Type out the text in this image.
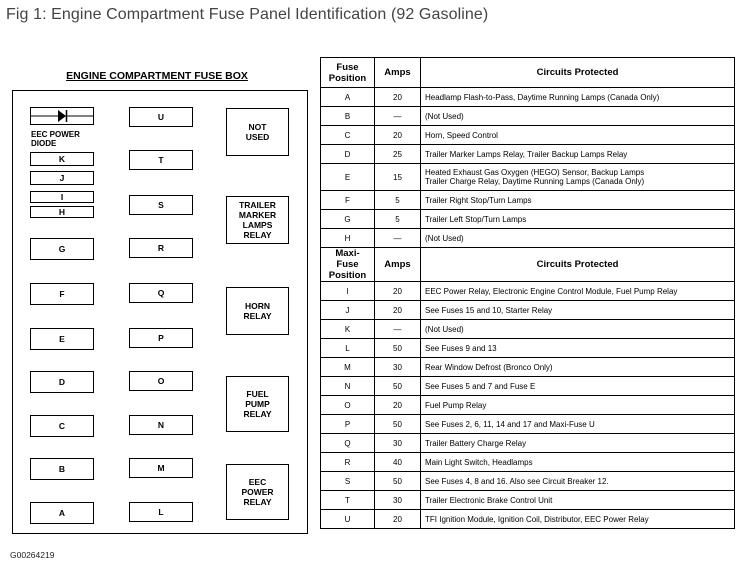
Fig 1: Engine Compartment Fuse Panel Identification (92 Gasoline)
ENGINE COMPARTMENT FUSE BOX
EEC POWER
DIODE
K
J
I
H
G
F
E
D
C
B
A
U
T
S
R
Q
P
O
N
M
L
NOT
USED
TRAILER
MARKER
LAMPS
RELAY
HORN
RELAY
FUEL
PUMP
RELAY
EEC
POWER
RELAY
G00264219
Fuse
Position	Amps	Circuits Protected
A	20	Headlamp Flash-to-Pass, Daytime Running Lamps (Canada Only)
B	—	(Not Used)
C	20	Horn, Speed Control
D	25	Trailer Marker Lamps Relay, Trailer Backup Lamps Relay
E	15	Heated Exhaust Gas Oxygen (HEGO) Sensor, Backup Lamps
Trailer Charge Relay, Daytime Running Lamps (Canada Only)
F	5	Trailer Right Stop/Turn Lamps
G	5	Trailer Left Stop/Turn Lamps
H	—	(Not Used)
Maxi-Fuse
Position	Amps	Circuits Protected
I	20	EEC Power Relay, Electronic Engine Control Module, Fuel Pump Relay
J	20	See Fuses 15 and 10, Starter Relay
K	—	(Not Used)
L	50	See Fuses 9 and 13
M	30	Rear Window Defrost (Bronco Only)
N	50	See Fuses 5 and 7 and Fuse E
O	20	Fuel Pump Relay
P	50	See Fuses 2, 6, 11, 14 and 17 and Maxi-Fuse U
Q	30	Trailer Battery Charge Relay
R	40	Main Light Switch, Headlamps
S	50	See Fuses 4, 8 and 16. Also see Circuit Breaker 12.
T	30	Trailer Electronic Brake Control Unit
U	20	TFI Ignition Module, Ignition Coil, Distributor, EEC Power Relay
